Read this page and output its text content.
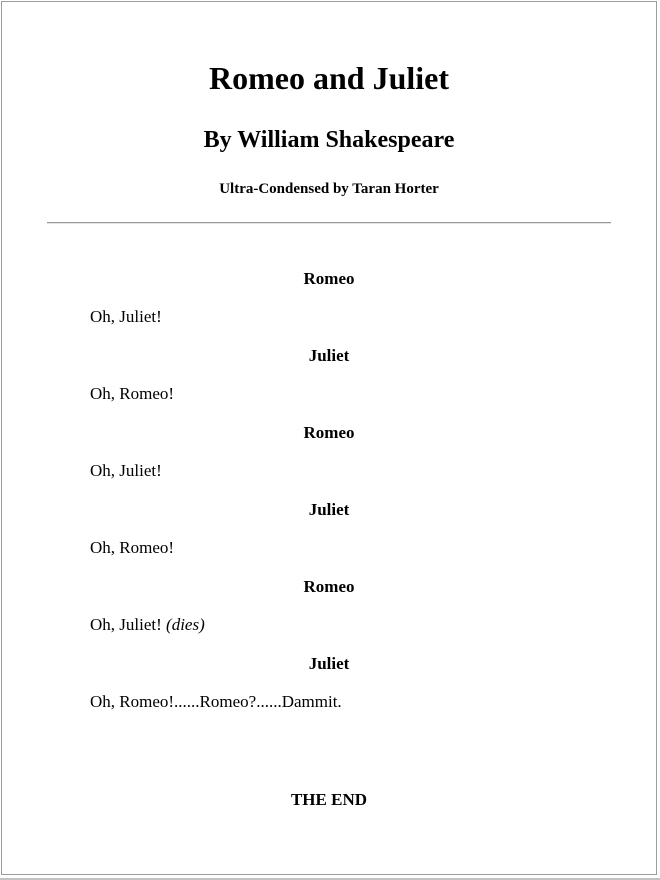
Romeo and Juliet
By William Shakespeare
Ultra-Condensed by Taran Horter

Romeo

Oh, Juliet!

Juliet

Oh, Romeo!

Romeo

Oh, Juliet!

Juliet

Oh, Romeo!

Romeo

Oh, Juliet! (dies)

Juliet

Oh, Romeo!......Romeo?......Dammit.

THE END
